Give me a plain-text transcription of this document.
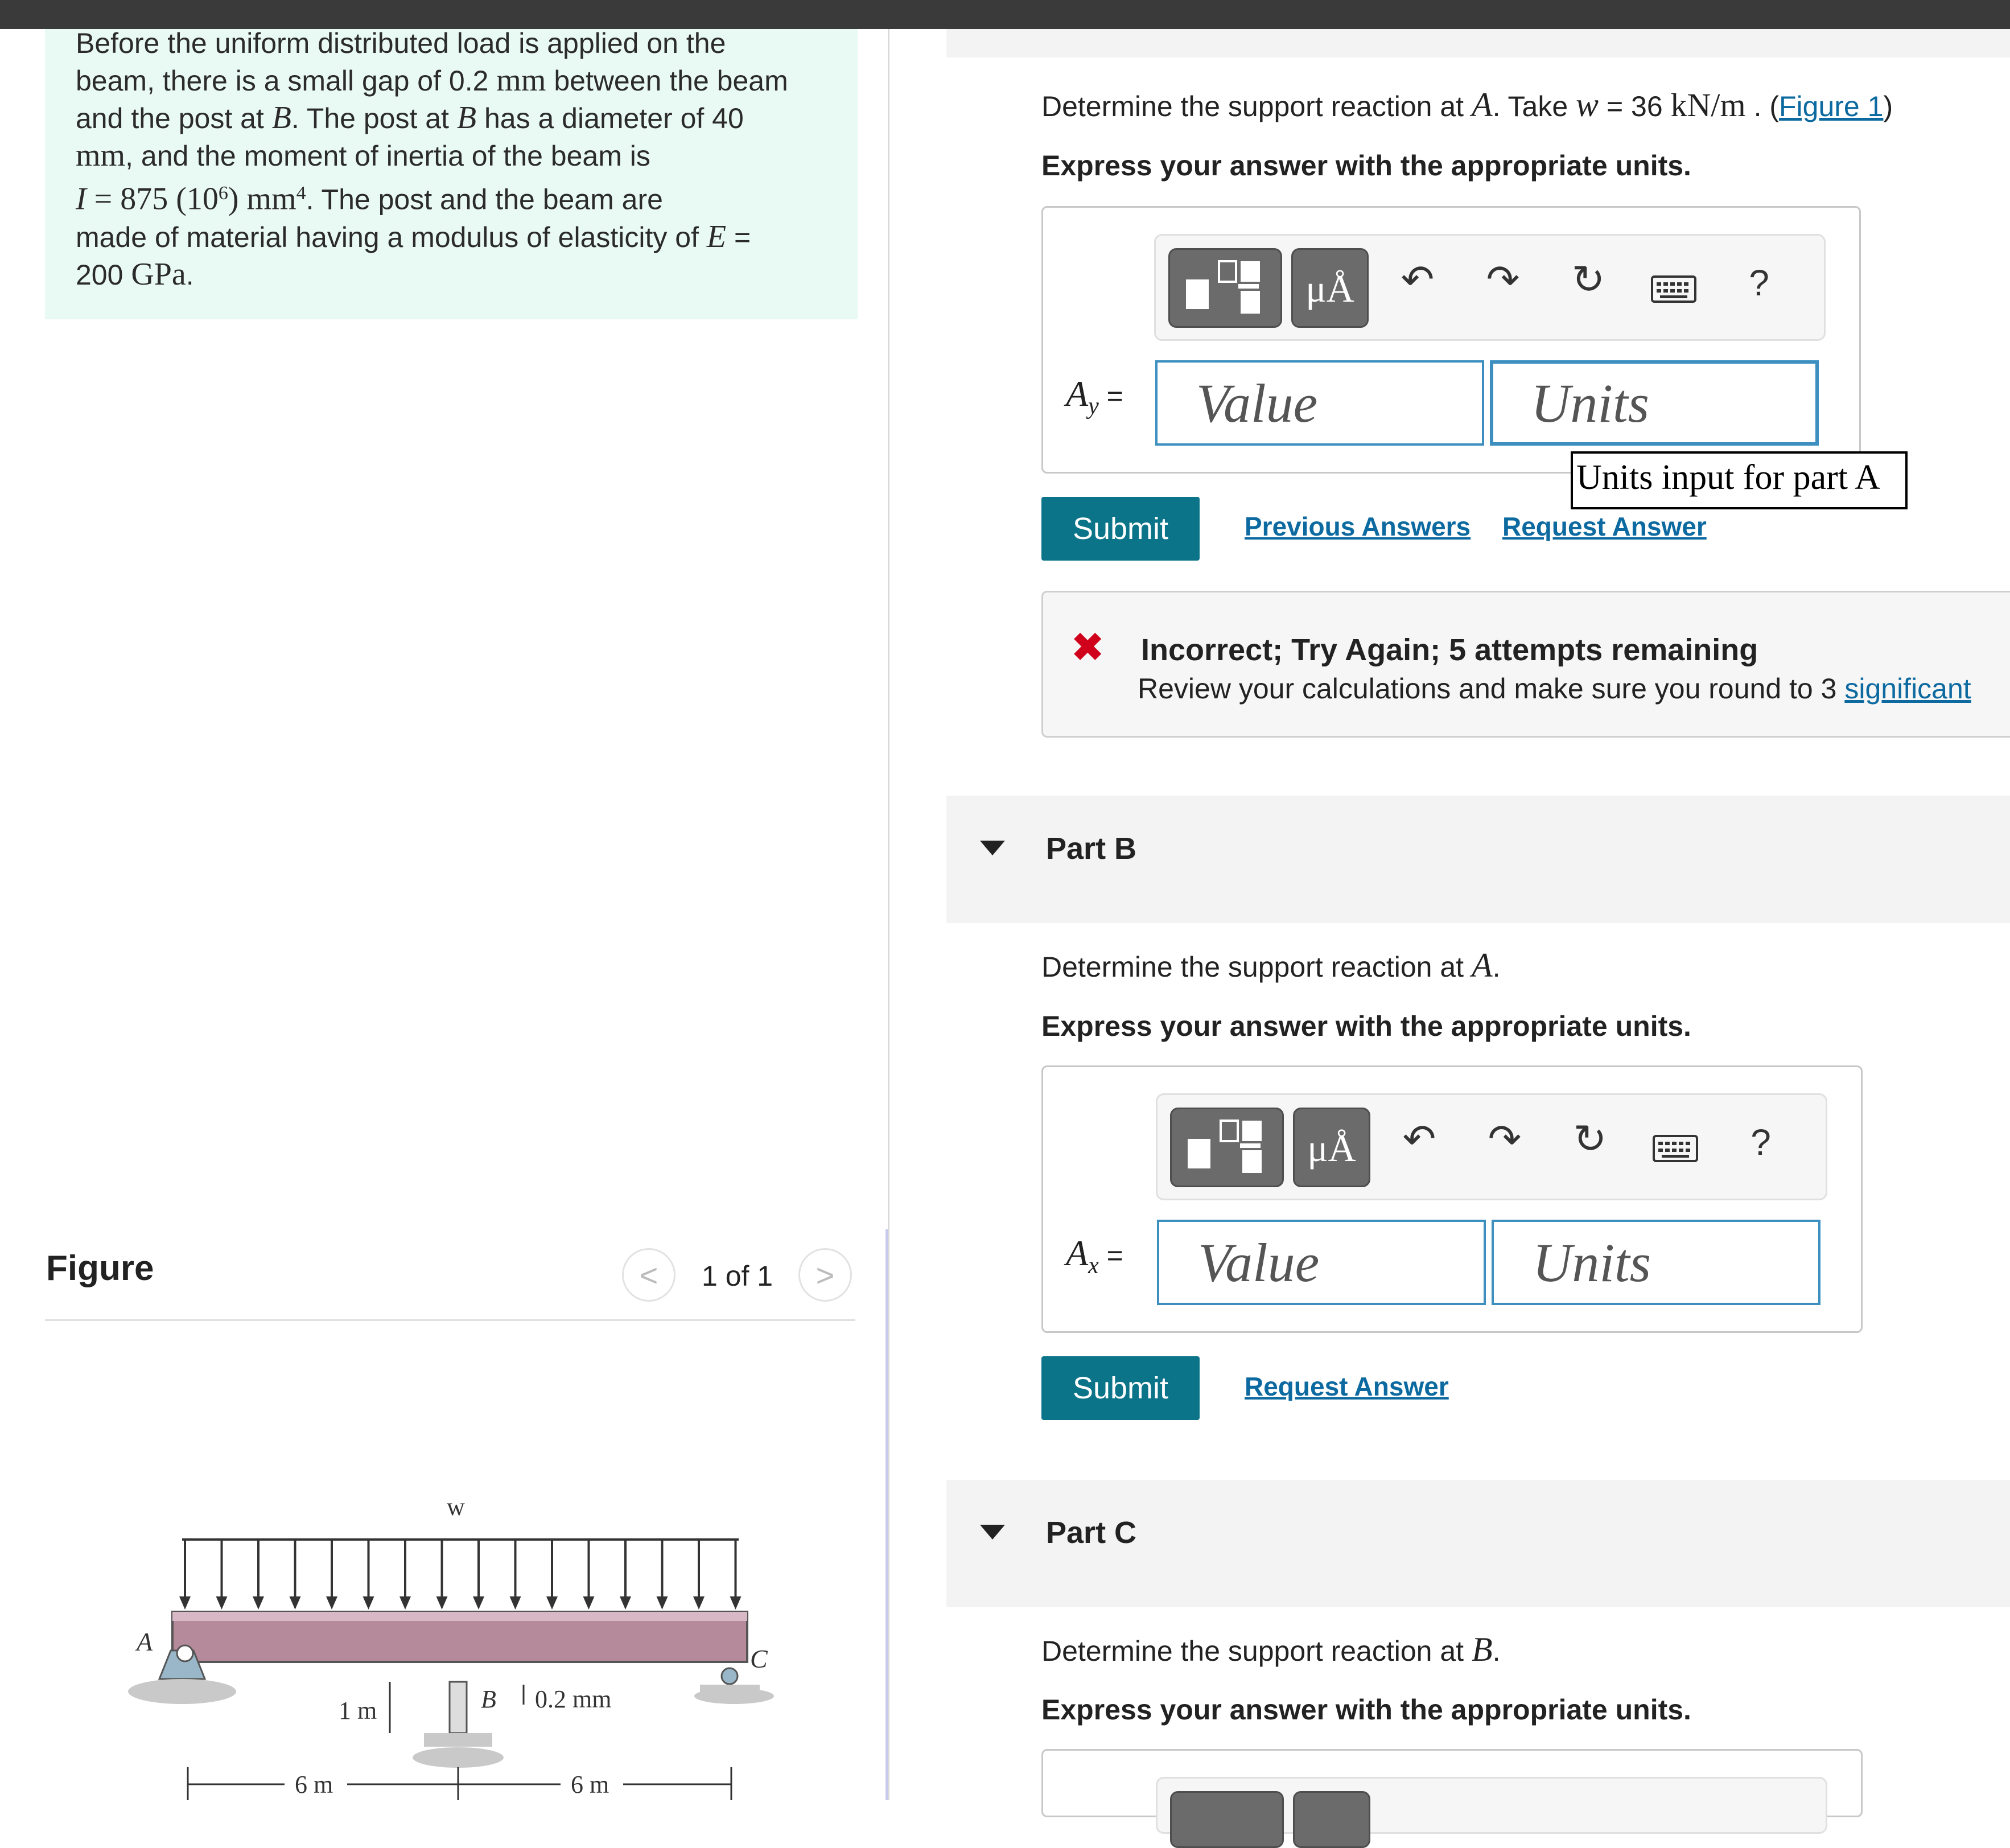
Before the uniform distributed load is applied on the
beam, there is a small gap of 0.2 mm between the beam
and the post at B. The post at B has a diameter of 40
mm, and the moment of inertia of the beam is
I = 875 $(10^6)$ $mm^4$. The post and the beam are
made of material having a modulus of elasticity of E =
200 GPa.
Figure	<	1 of 1	>
w
A
B 0.2 mm
1 m
C
6 m	6 m
Determine the support reaction at A. Take w = 36 kN/m . (Figure 1)
Express your answer with the appropriate units.
μÅ	↶ ↷ ↻	?
$A_y$ = Value	Units
Units input for part A
Submit	Previous Answers Request Answer
✖ Incorrect; Try Again; 5 attempts remaining
Review your calculations and make sure you round to 3 significant
Part B
Determine the support reaction at A.
Express your answer with the appropriate units.
μÅ	↶ ↷ ↻	?
$A_x$ = Value	Units
Submit	Request Answer
Part C
Determine the support reaction at B.
Express your answer with the appropriate units.
